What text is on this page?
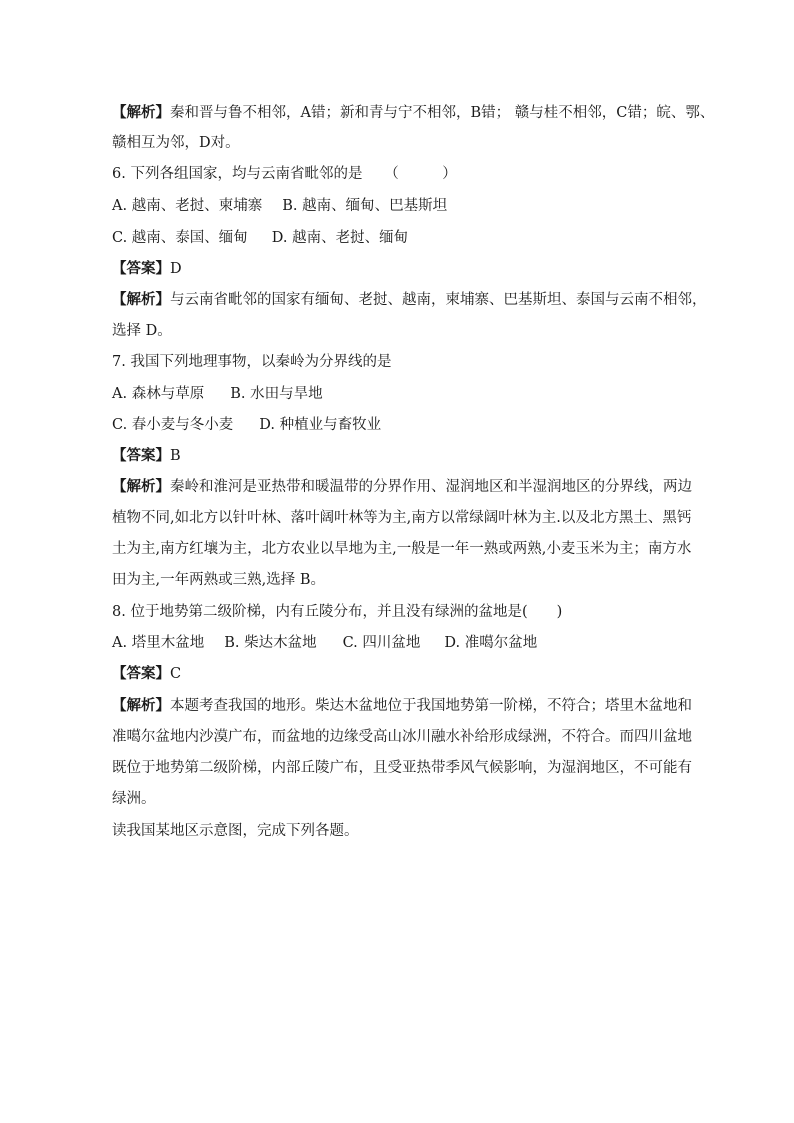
【解析】秦和晋与鲁不相邻，A错；新和青与宁不相邻，B错； 赣与桂不相邻，C错；皖、鄂、
赣相互为邻，D对。
6. 下列各组国家，均与云南省毗邻的是　　（　　　）
A. 越南、老挝、柬埔寨 B. 越南、缅甸、巴基斯坦
C. 越南、泰国、缅甸 D. 越南、老挝、缅甸
【答案】D
【解析】与云南省毗邻的国家有缅甸、老挝、越南，柬埔寨、巴基斯坦、泰国与云南不相邻，
选择 D。
7. 我国下列地理事物，以秦岭为分界线的是
A. 森林与草原 B. 水田与旱地
C. 春小麦与冬小麦 D. 种植业与畜牧业
【答案】B
【解析】秦岭和淮河是亚热带和暖温带的分界作用、湿润地区和半湿润地区的分界线，两边
植物不同,如北方以针叶林、落叶阔叶林等为主,南方以常绿阔叶林为主.以及北方黑土、黑钙
土为主,南方红壤为主，北方农业以旱地为主,一般是一年一熟或两熟,小麦玉米为主；南方水
田为主,一年两熟或三熟,选择 B。
8. 位于地势第二级阶梯，内有丘陵分布，并且没有绿洲的盆地是(　　)
A. 塔里木盆地 B. 柴达木盆地 C. 四川盆地 D. 准噶尔盆地
【答案】C
【解析】本题考查我国的地形。柴达木盆地位于我国地势第一阶梯，不符合；塔里木盆地和
准噶尔盆地内沙漠广布，而盆地的边缘受高山冰川融水补给形成绿洲，不符合。而四川盆地
既位于地势第二级阶梯，内部丘陵广布，且受亚热带季风气候影响，为湿润地区，不可能有
绿洲。
读我国某地区示意图，完成下列各题。
